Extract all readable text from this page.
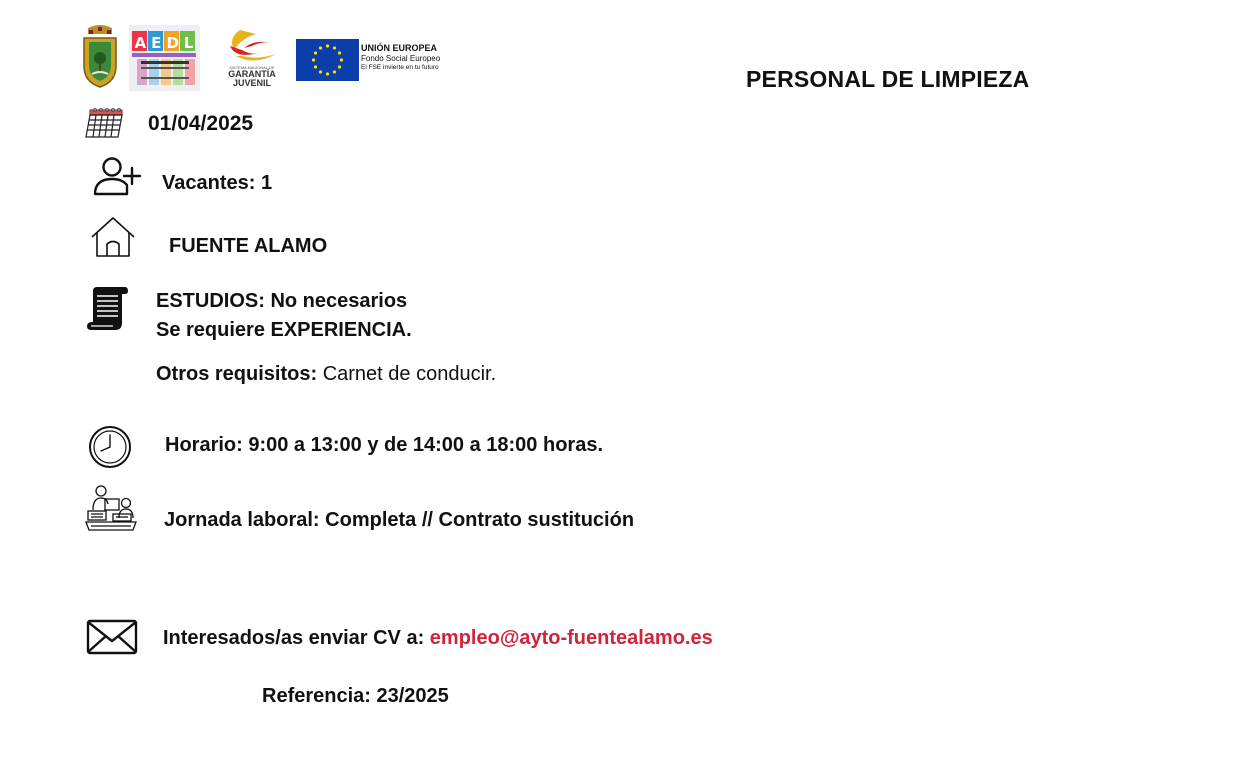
A E D L
SISTEMA NACIONAL DE
GARANTÍA
JUVENIL
UNIÓN EUROPEA
Fondo Social Europeo
El FSE invierte en tu futuro	PERSONAL DE LIMPIEZA
01/04/2025
Vacantes: 1
FUENTE ALAMO
ESTUDIOS: No necesarios
Se requiere EXPERIENCIA.
Otros requisitos: Carnet de conducir.
Horario: 9:00 a 13:00 y de 14:00 a 18:00 horas.
Jornada laboral: Completa // Contrato sustitución
Interesados/as enviar CV a: empleo@ayto-fuentealamo.es
Referencia: 23/2025
